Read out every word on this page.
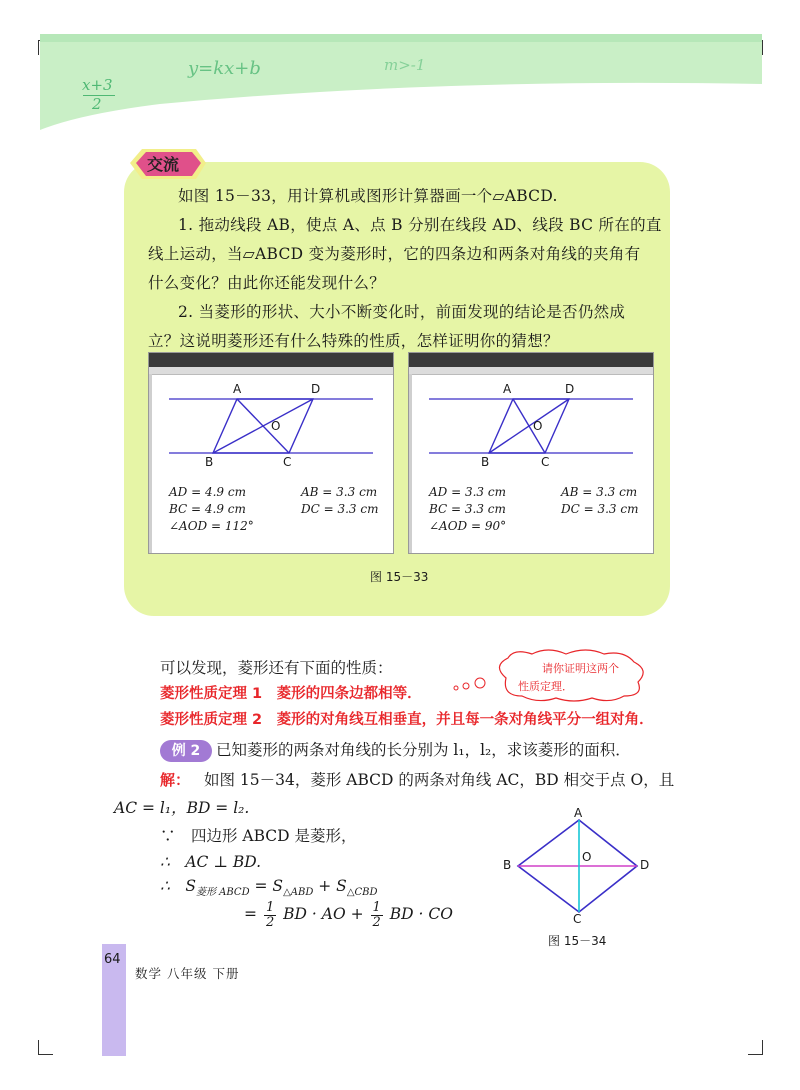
x+3
2
y=kx+b	m>-1
交流
如图 15－33，用计算机或图形计算器画一个▱ABCD.
1. 拖动线段 AB，使点 A、点 B 分别在线段 AD、线段 BC 所在的直
线上运动，当▱ABCD 变为菱形时，它的四条边和两条对角线的夹角有
什么变化？由此你还能发现什么？
2. 当菱形的形状、大小不断变化时，前面发现的结论是否仍然成
立？这说明菱形还有什么特殊的性质，怎样证明你的猜想？
A	D
O
B	C
AD = 4.9 cm	AB = 3.3 cm
BC = 4.9 cm	DC = 3.3 cm
∠AOD = 112°
A	D
O
B	C
AD = 3.3 cm	AB = 3.3 cm
BC = 3.3 cm	DC = 3.3 cm
∠AOD = 90°
图 15－33
可以发现，菱形还有下面的性质：
菱形性质定理 1　菱形的四条边都相等．
菱形性质定理 2　菱形的对角线互相垂直，并且每一条对角线平分一组对角．
请你证明这两个
性质定理．
例 2	已知菱形的两条对角线的长分别为 l₁，l₂，求该菱形的面积．
解： 如图 15－34，菱形 ABCD 的两条对角线 AC，BD 相交于点 O，且
AC = l₁，BD = l₂.
∵　四边形 ABCD 是菱形，
∴　AC ⊥ BD.
∴　$S_{菱形 ABCD} = S_{\triangle ABD} + S_{\triangle CBD}$
= $\frac{1}{2}$ BD · AO + $\frac{1}{2}$ BD · CO
A
B	D
O
C
图 15－34
64
数学 八年级 下册
